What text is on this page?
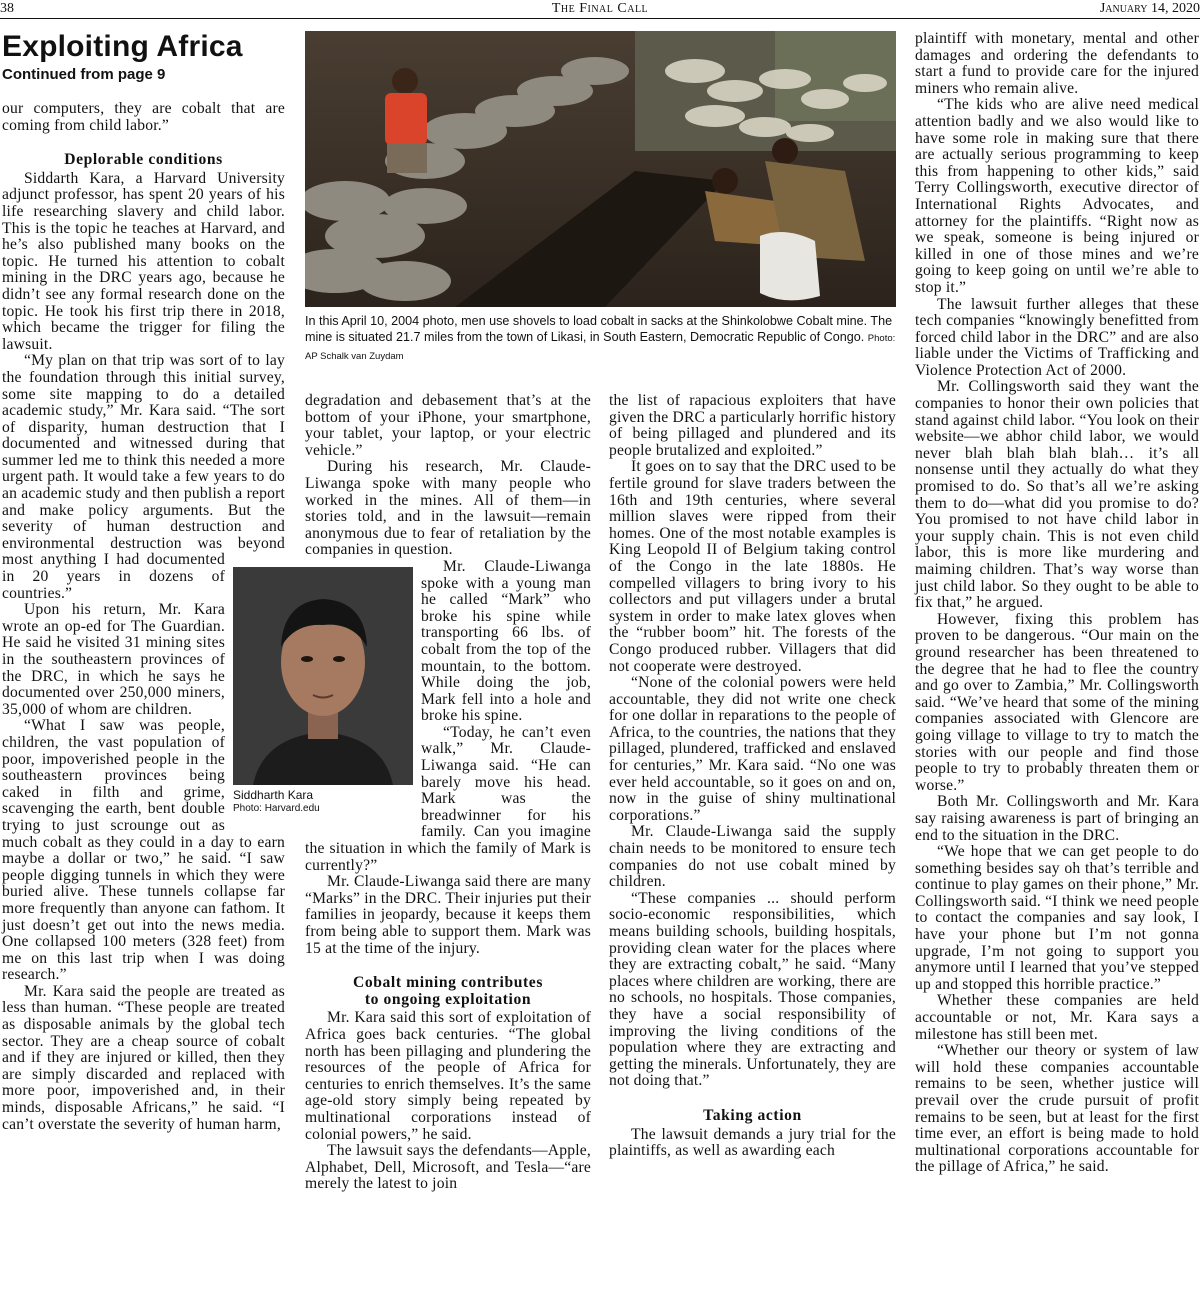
38	The Final Call	January 14, 2020
Exploiting Africa
Continued from page 9
In this April 10, 2004 photo, men use shovels to load cobalt in sacks at the Shinkolobwe Cobalt mine. The mine is situated 21.7 miles from the town of Likasi, in South Eastern, Democratic Republic of Congo. Photo: AP Schalk van Zuydam

our computers, they are cobalt that are coming from child labor.”

Deplorable conditions

Siddarth Kara, a Harvard University adjunct professor, has spent 20 years of his life researching slavery and child labor. This is the topic he teaches at Harvard, and he’s also published many books on the topic. He turned his attention to cobalt mining in the DRC years ago, because he didn’t see any formal research done on the topic. He took his first trip there in 2018, which became the trigger for filing the lawsuit.

“My plan on that trip was sort of to lay the foundation through this initial survey, some site mapping to do a detailed academic study,” Mr. Kara said. “The sort of disparity, human destruction that I documented and witnessed during that summer led me to think this needed a more urgent path. It would take a few years to do an academic study and then publish a report and make policy arguments. But the severity of human destruction and environmental destruction was beyond most anything I had documented in 20 years in dozens of countries.”

Upon his return, Mr. Kara wrote an op-ed for The Guardian. He said he visited 31 mining sites in the southeastern provinces of the DRC, in which he says he documented over 250,000 miners, 35,000 of whom are children.

“What I saw was people, children, the vast population of poor, impoverished people in the southeastern provinces being caked in filth and grime, scavenging the earth, bent double trying to just scrounge out as much cobalt as they could in a day to earn maybe a dollar or two,” he said. “I saw people digging tunnels in which they were buried alive. These tunnels collapse far more frequently than anyone can fathom. It just doesn’t get out into the news media. One collapsed 100 meters (328 feet) from me on this last trip when I was doing research.”

Mr. Kara said the people are treated as less than human. “These people are treated as disposable animals by the global tech sector. They are a cheap source of cobalt and if they are injured or killed, then they are simply discarded and replaced with more poor, impoverished and, in their minds, disposable Africans,” he said. “I can’t overstate the severity of human harm,

Siddharth Kara
Photo: Harvard.edu

degradation and debasement that’s at the bottom of your iPhone, your smartphone, your tablet, your laptop, or your electric vehicle.”

During his research, Mr. Claude-Liwanga spoke with many people who worked in the mines. All of them—in stories told, and in the lawsuit—remain anonymous due to fear of retaliation by the companies in question.

Mr. Claude-Liwanga spoke with a young man he called “Mark” who broke his spine while transporting 66 lbs. of cobalt from the top of the mountain, to the bottom. While doing the job, Mark fell into a hole and broke his spine.

“Today, he can’t even walk,” Mr. Claude-Liwanga said. “He can barely move his head. Mark was the breadwinner for his family. Can you imagine the situation in which the family of Mark is currently?”

Mr. Claude-Liwanga said there are many “Marks” in the DRC. Their injuries put their families in jeopardy, because it keeps them from being able to support them. Mark was 15 at the time of the injury.

Cobalt mining contributes
to ongoing exploitation

Mr. Kara said this sort of exploitation of Africa goes back centuries. “The global north has been pillaging and plundering the resources of the people of Africa for centuries to enrich themselves. It’s the same age-old story simply being repeated by multinational corporations instead of colonial powers,” he said.

The lawsuit says the defendants—Apple, Alphabet, Dell, Microsoft, and Tesla—“are merely the latest to join

the list of rapacious exploiters that have given the DRC a particularly horrific history of being pillaged and plundered and its people brutalized and exploited.”

It goes on to say that the DRC used to be fertile ground for slave traders between the 16th and 19th centuries, where several million slaves were ripped from their homes. One of the most notable examples is King Leopold II of Belgium taking control of the Congo in the late 1880s. He compelled villagers to bring ivory to his collectors and put villagers under a brutal system in order to make latex gloves when the “rubber boom” hit. The forests of the Congo produced rubber. Villagers that did not cooperate were destroyed.

“None of the colonial powers were held accountable, they did not write one check for one dollar in reparations to the people of Africa, to the countries, the nations that they pillaged, plundered, trafficked and enslaved for centuries,” Mr. Kara said. “No one was ever held accountable, so it goes on and on, now in the guise of shiny multinational corporations.”

Mr. Claude-Liwanga said the supply chain needs to be monitored to ensure tech companies do not use cobalt mined by children.

“These companies ... should perform socio-economic responsibilities, which means building schools, building hospitals, providing clean water for the places where they are extracting cobalt,” he said. “Many places where children are working, there are no schools, no hospitals. Those companies, they have a social responsibility of improving the living conditions of the population where they are extracting and getting the minerals. Unfortunately, they are not doing that.”

Taking action

The lawsuit demands a jury trial for the plaintiffs, as well as awarding each

plaintiff with monetary, mental and other damages and ordering the defendants to start a fund to provide care for the injured miners who remain alive.

“The kids who are alive need medical attention badly and we also would like to have some role in making sure that there are actually serious programming to keep this from happening to other kids,” said Terry Collingsworth, executive director of International Rights Advocates, and attorney for the plaintiffs. “Right now as we speak, someone is being injured or killed in one of those mines and we’re going to keep going on until we’re able to stop it.”

The lawsuit further alleges that these tech companies “knowingly benefitted from forced child labor in the DRC” and are also liable under the Victims of Trafficking and Violence Protection Act of 2000.

Mr. Collingsworth said they want the companies to honor their own policies that stand against child labor. “You look on their website—we abhor child labor, we would never blah blah blah blah… it’s all nonsense until they actually do what they promised to do. So that’s all we’re asking them to do—what did you promise to do? You promised to not have child labor in your supply chain. This is not even child labor, this is more like murdering and maiming children. That’s way worse than just child labor. So they ought to be able to fix that,” he argued.

However, fixing this problem has proven to be dangerous. “Our main on the ground researcher has been threatened to the degree that he had to flee the country and go over to Zambia,” Mr. Collingsworth said. “We’ve heard that some of the mining companies associated with Glencore are going village to village to try to match the stories with our people and find those people to try to probably threaten them or worse.”

Both Mr. Collingsworth and Mr. Kara say raising awareness is part of bringing an end to the situation in the DRC.

“We hope that we can get people to do something besides say oh that’s terrible and continue to play games on their phone,” Mr. Collingsworth said. “I think we need people to contact the companies and say look, I have your phone but I’m not gonna upgrade, I’m not going to support you anymore until I learned that you’ve stepped up and stopped this horrible practice.”

Whether these companies are held accountable or not, Mr. Kara says a milestone has still been met.

“Whether our theory or system of law will hold these companies accountable remains to be seen, whether justice will prevail over the crude pursuit of profit remains to be seen, but at least for the first time ever, an effort is being made to hold multinational corporations accountable for the pillage of Africa,” he said.
